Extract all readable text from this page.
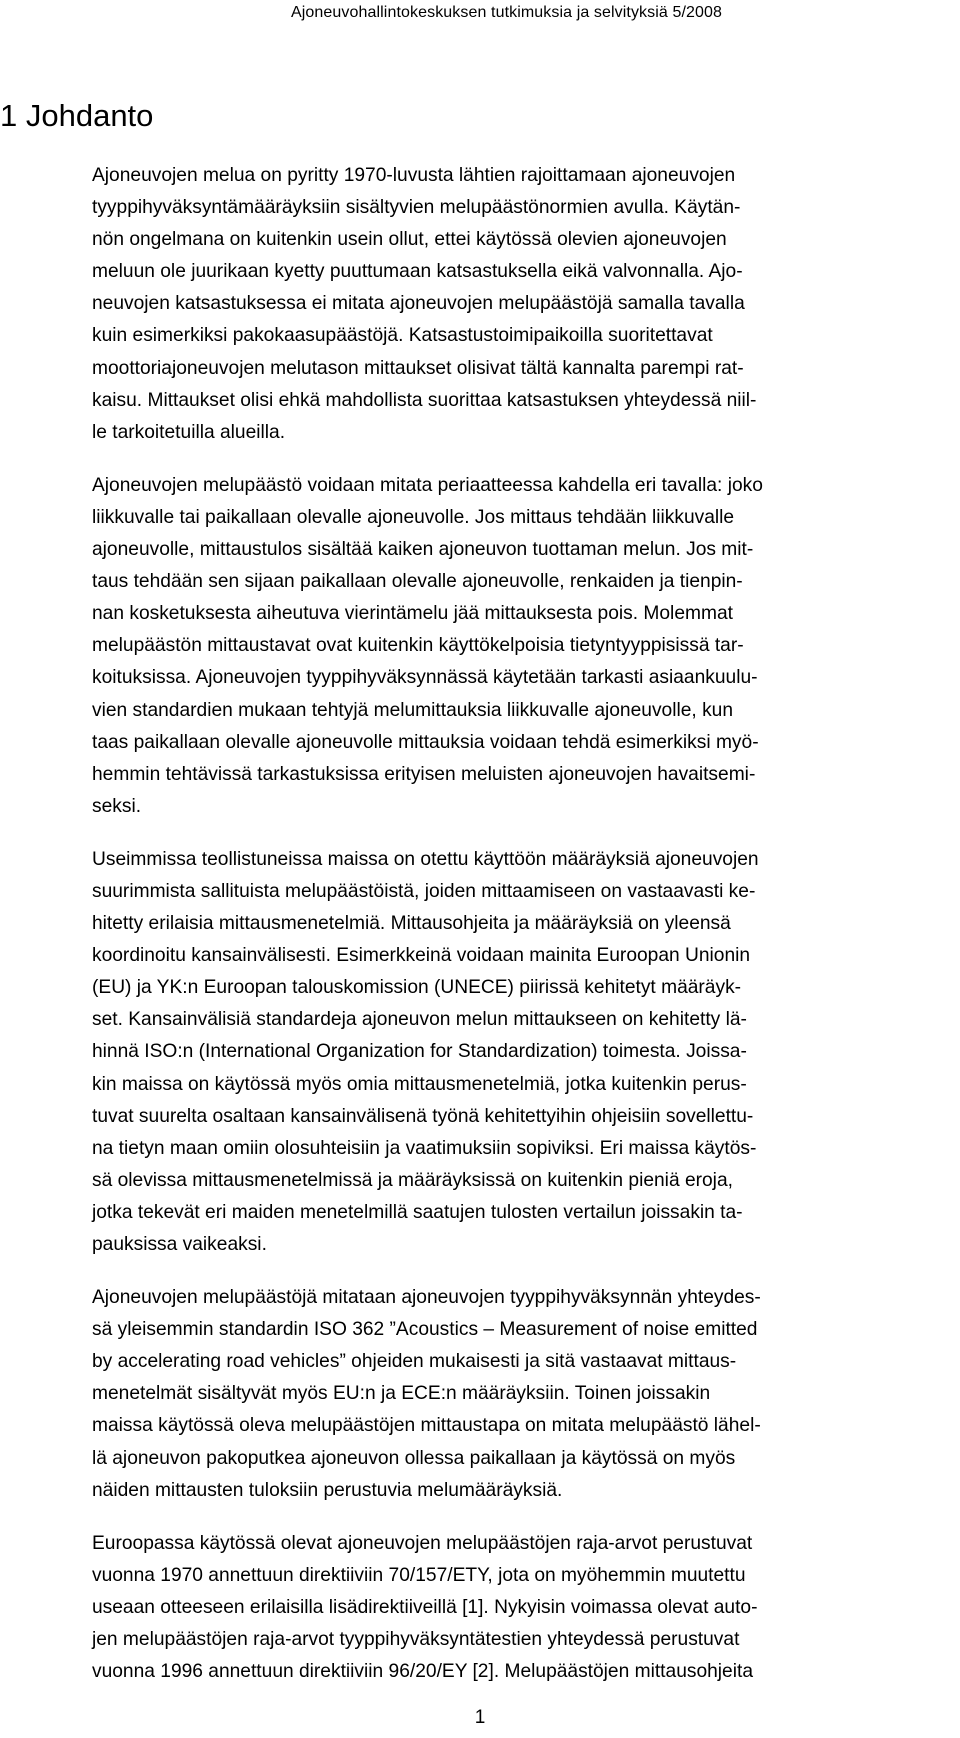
Ajoneuvohallintokeskuksen tutkimuksia ja selvityksiä 5/2008
1 Johdanto
Ajoneuvojen melua on pyritty 1970-luvusta lähtien rajoittamaan ajoneuvojen
tyyppihyväksyntämääräyksiin sisältyvien melupäästönormien avulla. Käytän-
nön ongelmana on kuitenkin usein ollut, ettei käytössä olevien ajoneuvojen
meluun ole juurikaan kyetty puuttumaan katsastuksella eikä valvonnalla. Ajo-
neuvojen katsastuksessa ei mitata ajoneuvojen melupäästöjä samalla tavalla
kuin esimerkiksi pakokaasupäästöjä. Katsastustoimipaikoilla suoritettavat
moottoriajoneuvojen melutason mittaukset olisivat tältä kannalta parempi rat-
kaisu. Mittaukset olisi ehkä mahdollista suorittaa katsastuksen yhteydessä niil-
le tarkoitetuilla alueilla.
Ajoneuvojen melupäästö voidaan mitata periaatteessa kahdella eri tavalla: joko
liikkuvalle tai paikallaan olevalle ajoneuvolle. Jos mittaus tehdään liikkuvalle
ajoneuvolle, mittaustulos sisältää kaiken ajoneuvon tuottaman melun. Jos mit-
taus tehdään sen sijaan paikallaan olevalle ajoneuvolle, renkaiden ja tienpin-
nan kosketuksesta aiheutuva vierintämelu jää mittauksesta pois. Molemmat
melupäästön mittaustavat ovat kuitenkin käyttökelpoisia tietyntyyppisissä tar-
koituksissa. Ajoneuvojen tyyppihyväksynnässä käytetään tarkasti asiaankuulu-
vien standardien mukaan tehtyjä melumittauksia liikkuvalle ajoneuvolle, kun
taas paikallaan olevalle ajoneuvolle mittauksia voidaan tehdä esimerkiksi myö-
hemmin tehtävissä tarkastuksissa erityisen meluisten ajoneuvojen havaitsemi-
seksi.
Useimmissa teollistuneissa maissa on otettu käyttöön määräyksiä ajoneuvojen
suurimmista sallituista melupäästöistä, joiden mittaamiseen on vastaavasti ke-
hitetty erilaisia mittausmenetelmiä. Mittausohjeita ja määräyksiä on yleensä
koordinoitu kansainvälisesti. Esimerkkeinä voidaan mainita Euroopan Unionin
(EU) ja YK:n Euroopan talouskomission (UNECE) piirissä kehitetyt määräyk-
set. Kansainvälisiä standardeja ajoneuvon melun mittaukseen on kehitetty lä-
hinnä ISO:n (International Organization for Standardization) toimesta. Joissa-
kin maissa on käytössä myös omia mittausmenetelmiä, jotka kuitenkin perus-
tuvat suurelta osaltaan kansainvälisenä työnä kehitettyihin ohjeisiin sovellettu-
na tietyn maan omiin olosuhteisiin ja vaatimuksiin sopiviksi. Eri maissa käytös-
sä olevissa mittausmenetelmissä ja määräyksissä on kuitenkin pieniä eroja,
jotka tekevät eri maiden menetelmillä saatujen tulosten vertailun joissakin ta-
pauksissa vaikeaksi.
Ajoneuvojen melupäästöjä mitataan ajoneuvojen tyyppihyväksynnän yhteydes-
sä yleisemmin standardin ISO 362 ”Acoustics – Measurement of noise emitted
by accelerating road vehicles” ohjeiden mukaisesti ja sitä vastaavat mittaus-
menetelmät sisältyvät myös EU:n ja ECE:n määräyksiin. Toinen joissakin
maissa käytössä oleva melupäästöjen mittaustapa on mitata melupäästö lähel-
lä ajoneuvon pakoputkea ajoneuvon ollessa paikallaan ja käytössä on myös
näiden mittausten tuloksiin perustuvia melumääräyksiä.
Euroopassa käytössä olevat ajoneuvojen melupäästöjen raja-arvot perustuvat
vuonna 1970 annettuun direktiiviin 70/157/ETY, jota on myöhemmin muutettu
useaan otteeseen erilaisilla lisädirektiiveillä [1]. Nykyisin voimassa olevat auto-
jen melupäästöjen raja-arvot tyyppihyväksyntätestien yhteydessä perustuvat
vuonna 1996 annettuun direktiiviin 96/20/EY [2]. Melupäästöjen mittausohjeita
1
